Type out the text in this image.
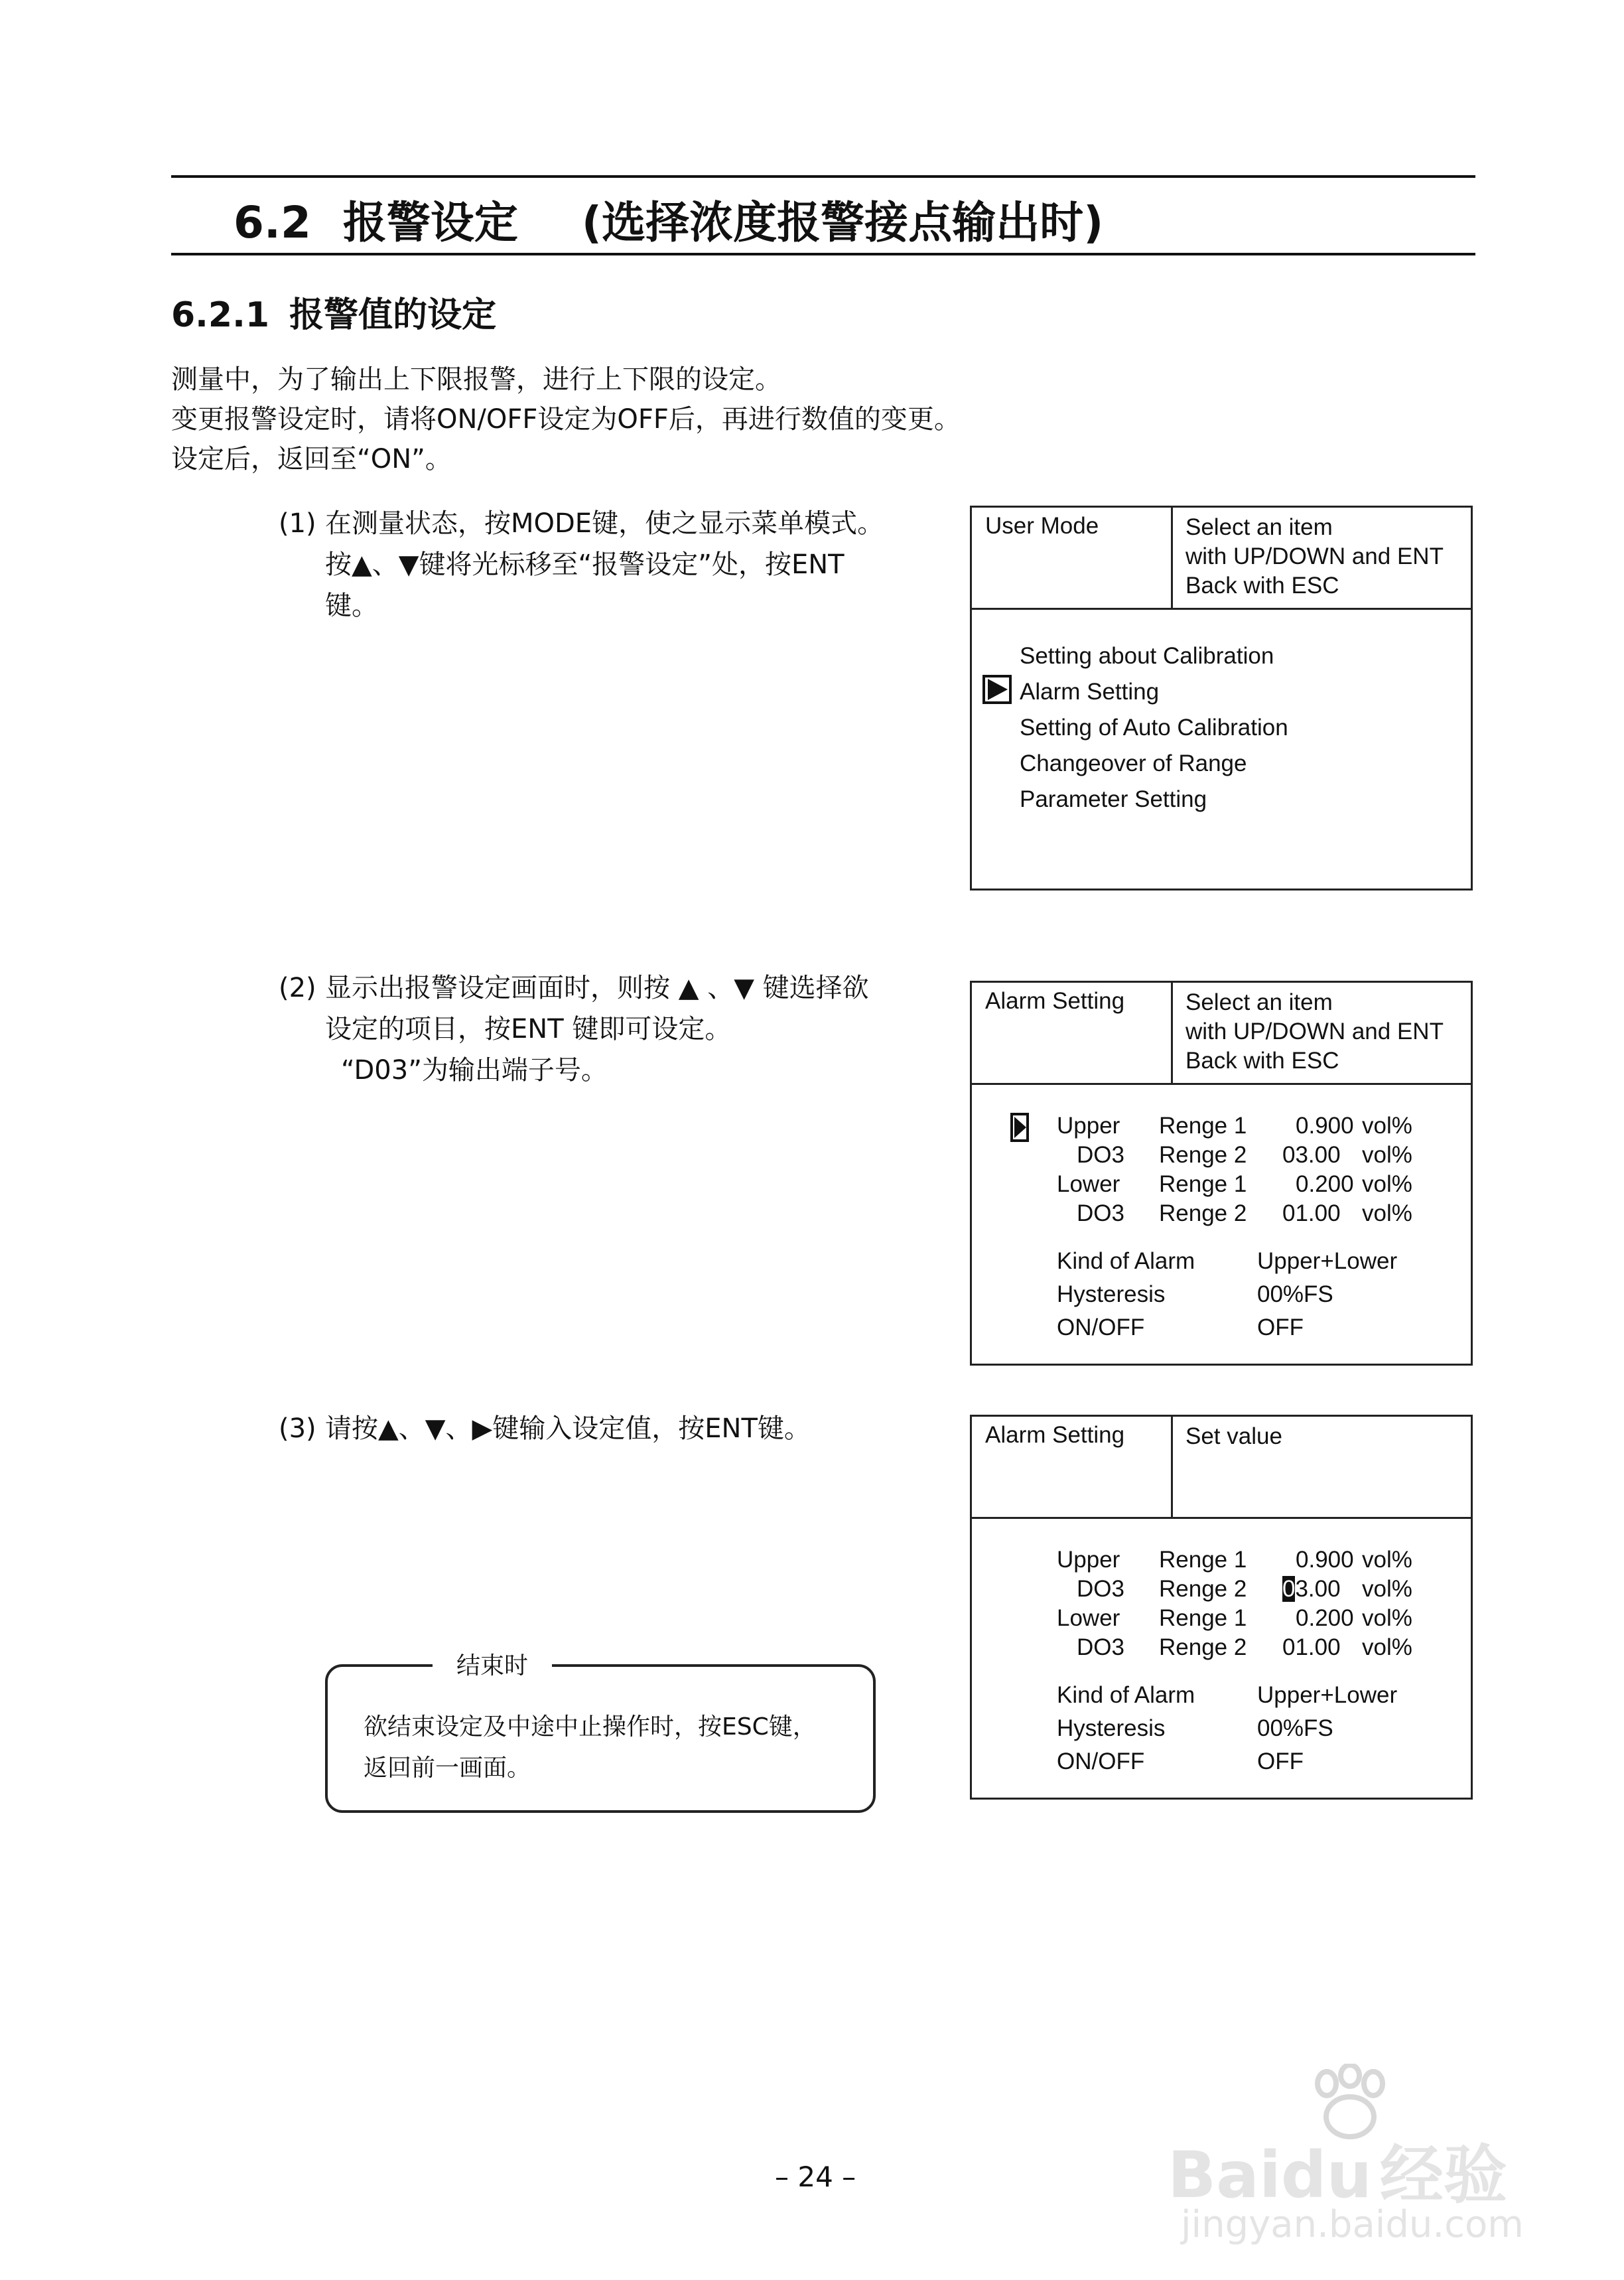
6.2 报警设定 (选择浓度报警接点输出时)
6.2.1 报警值的设定
测量中，为了输出上下限报警，进行上下限的设定。
变更报警设定时，请将ON/OFF设定为OFF后，再进行数值的变更。
设定后，返回至“ON”。
(1) 在测量状态，按MODE键，使之显示菜单模式。
按▲、▼键将光标移至“报警设定”处，按ENT
键。
User Mode	Select an item
with UP/DOWN and ENT
Back with ESC
Setting about Calibration
Alarm Setting
Setting of Auto Calibration
Changeover of Range
Parameter Setting
(2) 显示出报警设定画面时，则按 ▲ 、▼ 键选择欲
设定的项目，按ENT 键即可设定。
“D03”为输出端子号。
Alarm Setting	Select an item
with UP/DOWN and ENT
Back with ESC
Upper Renge 1 0.900 vol%
DO3 Renge 2 03.00 vol%
Lower Renge 1 0.200 vol%
DO3 Renge 2 01.00 vol%
Kind of Alarm	Upper+Lower
Hysteresis	00%FS
ON/OFF	OFF
(3) 请按▲、▼、▶键输入设定值，按ENT键。	Alarm Setting	Set value
Upper Renge 1 0.900 vol%
DO3 Renge 2 03.00 vol%
Lower Renge 1 0.200 vol%
DO3 Renge 2 01.00 vol%
Kind of Alarm	Upper+Lower
Hysteresis	00%FS
ON/OFF	OFF
结束时
欲结束设定及中途中止操作时，按ESC键，
返回前一画面。
– 24 –	Baidu 经验
jingyan.baidu.com
